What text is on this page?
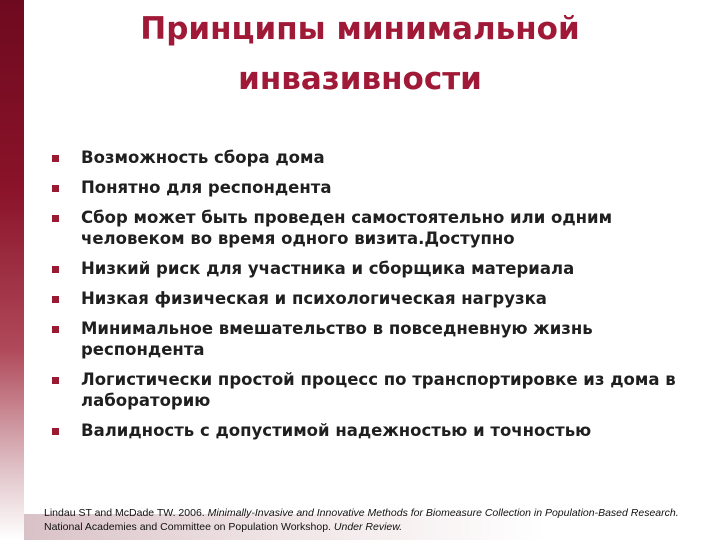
Принципы минимальной
инвазивности
Возможность сбора дома
Понятно для респондента
Сбор может быть проведен самостоятельно или одним человеком во время одного визита.Доступно
Низкий риск для участника и сборщика материала
Низкая физическая и психологическая нагрузка
Минимальное вмешательство в повседневную жизнь респондента
Логистически простой процесс по транспортировке из дома в лабораторию
Валидность с допустимой надежностью и точностью
Lindau ST and McDade TW. 2006. Minimally-Invasive and Innovative Methods for Biomeasure Collection in Population-Based Research. National Academies and Committee on Population Workshop. Under Review.
